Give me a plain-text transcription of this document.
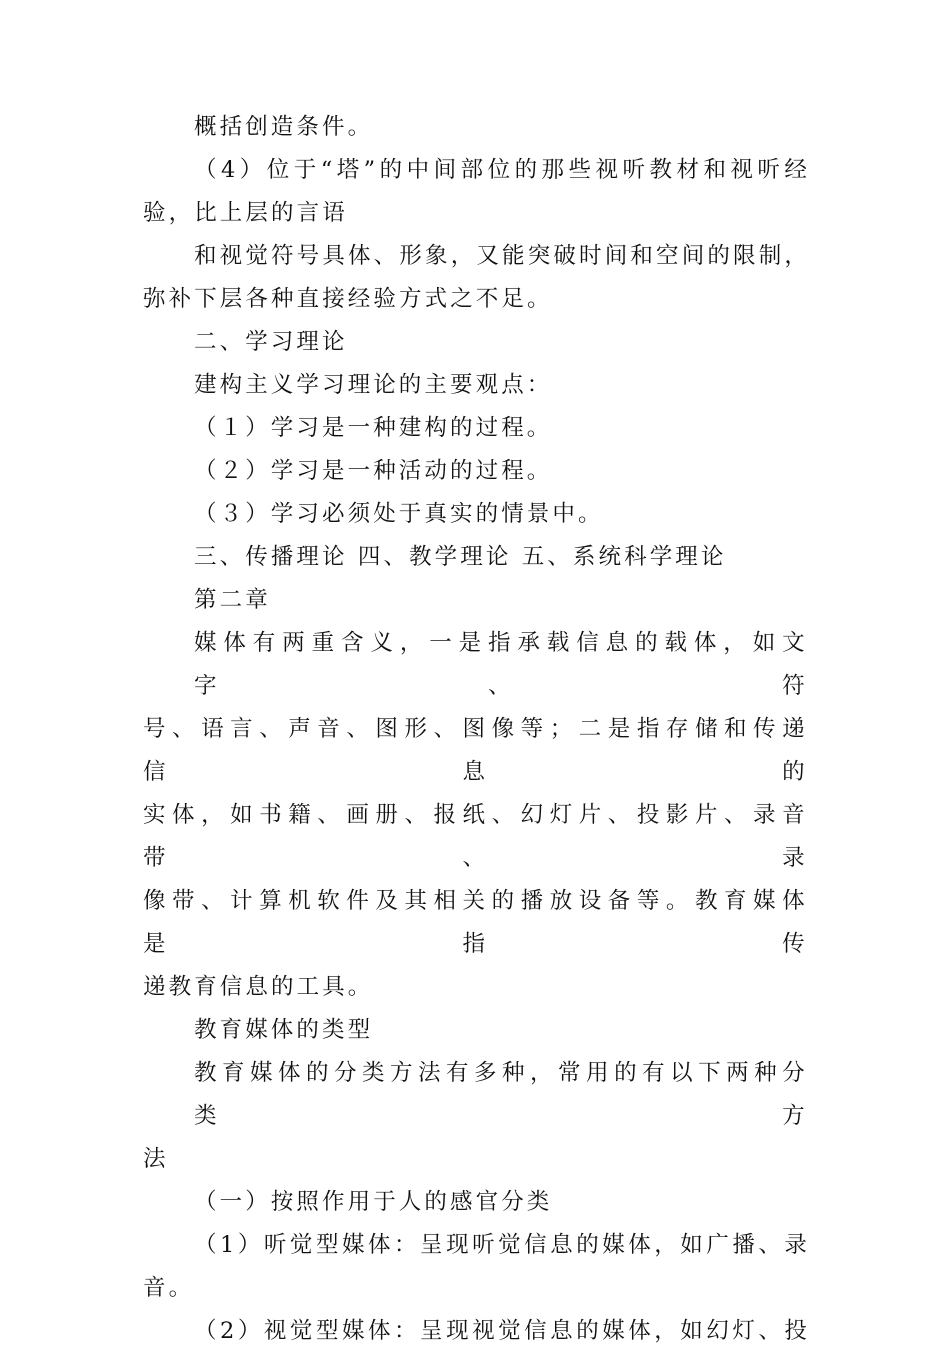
概括创造条件。

（4）位于“塔”的中间部位的那些视听教材和视听经

验，比上层的言语

和视觉符号具体、形象，又能突破时间和空间的限制，

弥补下层各种直接经验方式之不足。

二、学习理论

建构主义学习理论的主要观点：

（１）学习是一种建构的过程。

（２）学习是一种活动的过程。

（３）学习必须处于真实的情景中。

三、传播理论 四、教学理论 五、系统科学理论

第二章

媒体有两重含义，一是指承载信息的载体，如文字、符

号、语言、声音、图形、图像等；二是指存储和传递信息的

实体，如书籍、画册、报纸、幻灯片、投影片、录音带、录

像带、计算机软件及其相关的播放设备等。教育媒体是指传

递教育信息的工具。

教育媒体的类型

教育媒体的分类方法有多种，常用的有以下两种分类方

法

（一）按照作用于人的感官分类

（1）听觉型媒体：呈现听觉信息的媒体，如广播、录

音。

（2）视觉型媒体：呈现视觉信息的媒体，如幻灯、投
